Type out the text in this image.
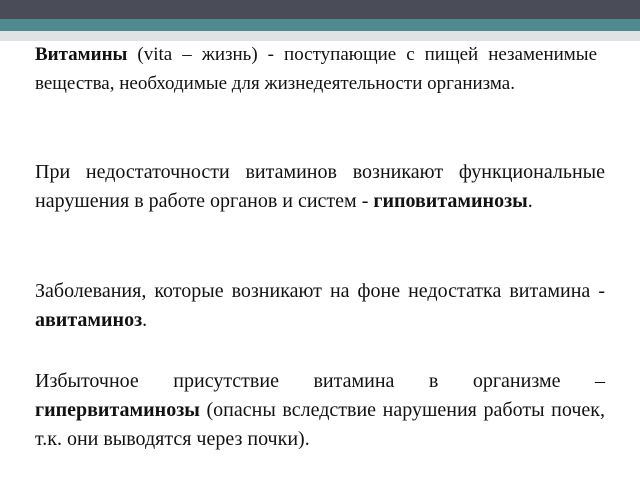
Витамины (vita – жизнь) - поступающие с пищей незаменимые вещества, необходимые для жизнедеятельности организма.

При недостаточности витаминов возникают функциональные нарушения в работе органов и систем - гиповитаминозы.

Заболевания, которые возникают на фоне недостатка витамина - авитаминоз.

Избыточное присутствие витамина в организме – гипервитаминозы (опасны вследствие нарушения работы почек, т.к. они выводятся через почки).
